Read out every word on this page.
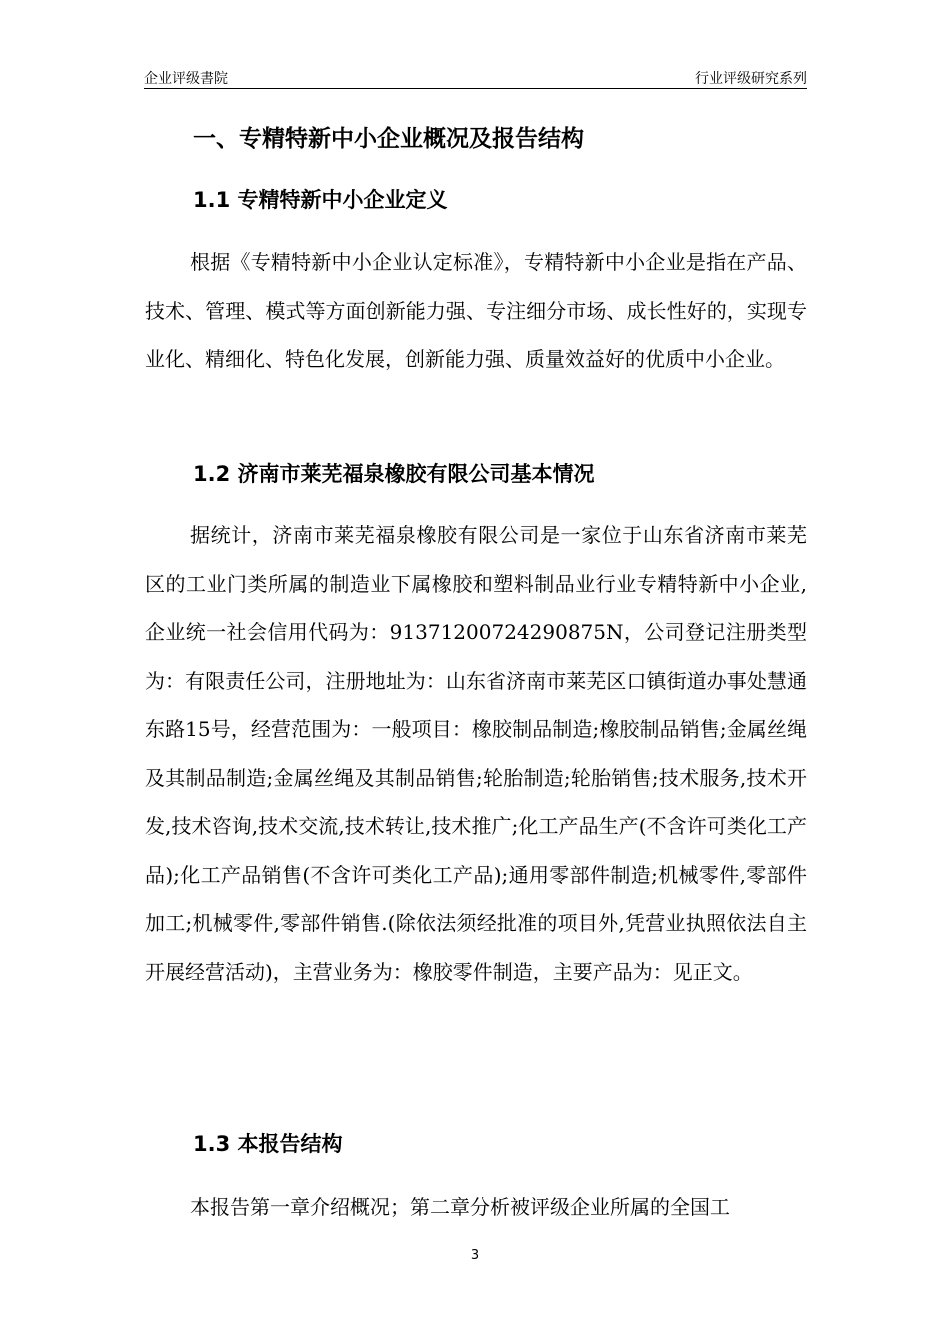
企业评级書院	行业评级研究系列
一、专精特新中小企业概况及报告结构
1.1 专精特新中小企业定义
根据《专精特新中小企业认定标准》，专精特新中小企业是指在产品、技术、管理、模式等方面创新能力强、专注细分市场、成长性好的，实现专业化、精细化、特色化发展，创新能力强、质量效益好的优质中小企业。
1.2 济南市莱芜福泉橡胶有限公司基本情况
据统计，济南市莱芜福泉橡胶有限公司是一家位于山东省济南市莱芜区的工业门类所属的制造业下属橡胶和塑料制品业行业专精特新中小企业,企业统一社会信用代码为：91371200724290875N，公司登记注册类型为：有限责任公司，注册地址为：山东省济南市莱芜区口镇街道办事处慧通东路15号，经营范围为：一般项目：橡胶制品制造;橡胶制品销售;金属丝绳及其制品制造;金属丝绳及其制品销售;轮胎制造;轮胎销售;技术服务,技术开发,技术咨询,技术交流,技术转让,技术推广;化工产品生产(不含许可类化工产品);化工产品销售(不含许可类化工产品);通用零部件制造;机械零件,零部件加工;机械零件,零部件销售.(除依法须经批准的项目外,凭营业执照依法自主开展经营活动)，主营业务为：橡胶零件制造，主要产品为：见正文。
1.3 本报告结构
本报告第一章介绍概况；第二章分析被评级企业所属的全国工
3
